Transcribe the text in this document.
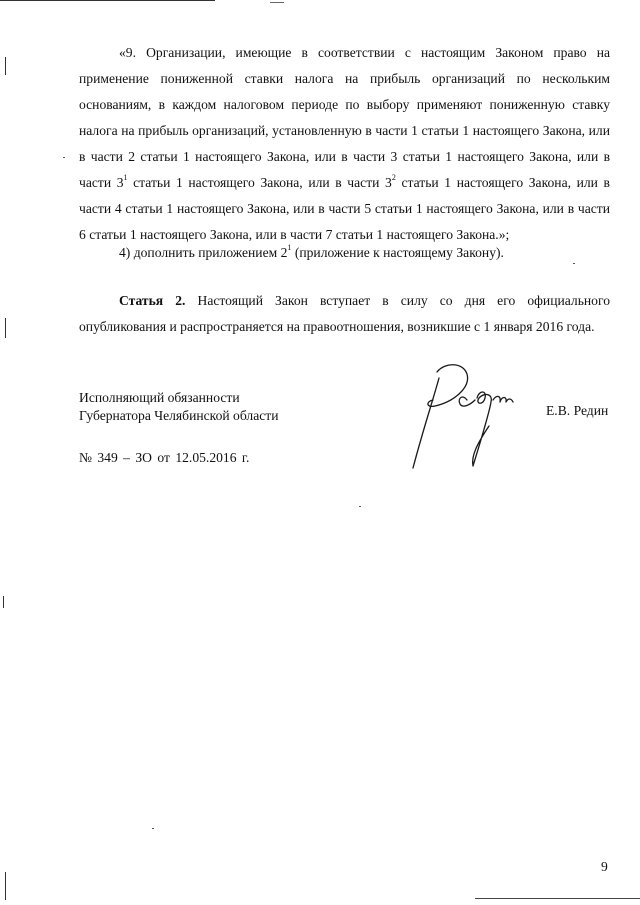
«9. Организации, имеющие в соответствии с настоящим Законом право на применение пониженной ставки налога на прибыль организаций по нескольким основаниям, в каждом налоговом периоде по выбору применяют пониженную ставку налога на прибыль организаций, установленную в части 1 статьи 1 настоящего Закона, или в части 2 статьи 1 настоящего Закона, или в части 3 статьи 1 настоящего Закона, или в части $3^1$ статьи 1 настоящего Закона, или в части $3^2$ статьи 1 настоящего Закона, или в части 4 статьи 1 настоящего Закона, или в части 5 статьи 1 настоящего Закона, или в части 6 статьи 1 настоящего Закона, или в части 7 статьи 1 настоящего Закона.»;

4) дополнить приложением $2^1$ (приложение к настоящему Закону).

Статья 2. Настоящий Закон вступает в силу со дня его официального опубликования и распространяется на правоотношения, возникшие с 1 января 2016 года.

Исполняющий обязанности
Губернатора Челябинской области	Е.В. Редин
№ 349 – ЗО от 12.05.2016 г.
9
